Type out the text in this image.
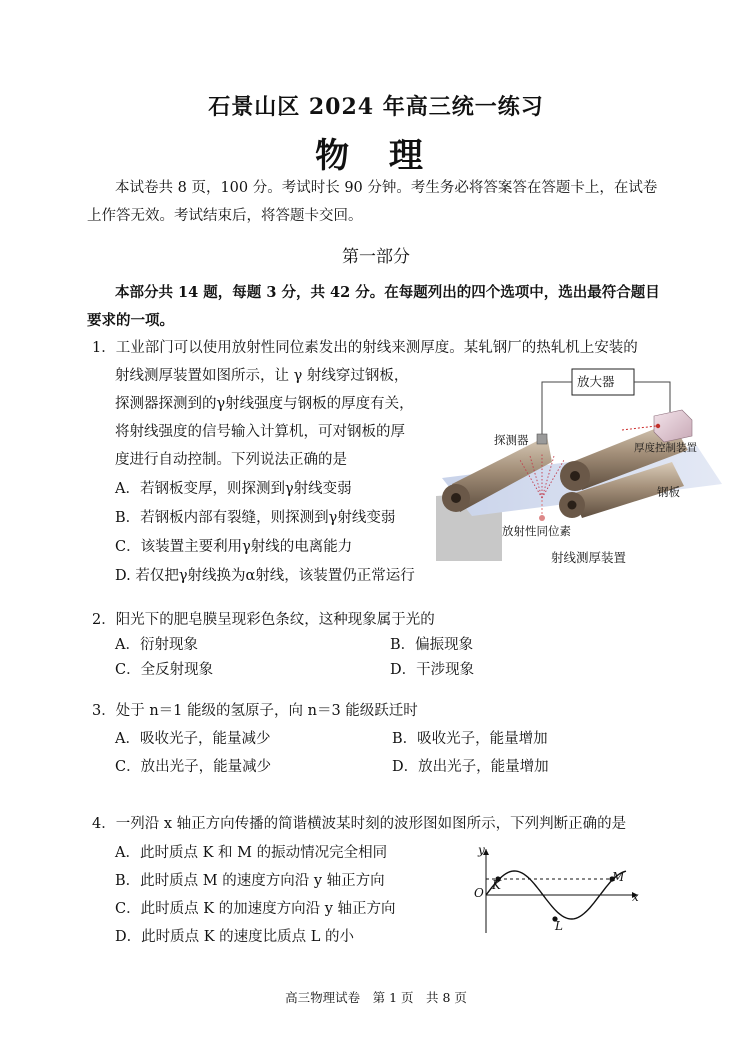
石景山区 2024 年高三统一练习
物 理
本试卷共 8 页，100 分。考试时长 90 分钟。考生务必将答案答在答题卡上，在试卷
上作答无效。考试结束后，将答题卡交回。
第一部分
本部分共 14 题，每题 3 分，共 42 分。在每题列出的四个选项中，选出最符合题目
要求的一项。
1．工业部门可以使用放射性同位素发出的射线来测厚度。某轧钢厂的热轧机上安装的
射线测厚装置如图所示，让 γ 射线穿过钢板，
探测器探测到的γ射线强度与钢板的厚度有关，
将射线强度的信号输入计算机，可对钢板的厚
度进行自动控制。下列说法正确的是
A．若钢板变厚，则探测到γ射线变弱
B．若钢板内部有裂缝，则探测到γ射线变弱
C．该装置主要利用γ射线的电离能力
D. 若仅把γ射线换为α射线，该装置仍正常运行
放大器
探测器
厚度控制装置
钢板
放射性同位素
射线测厚装置
2．阳光下的肥皂膜呈现彩色条纹，这种现象属于光的
A．衍射现象	B．偏振现象
C．全反射现象	D．干涉现象
3．处于 n＝1 能级的氢原子，向 n＝3 能级跃迁时
A．吸收光子，能量减少	B．吸收光子，能量增加
C．放出光子，能量减少	D．放出光子，能量增加
4．一列沿 x 轴正方向传播的简谐横波某时刻的波形图如图所示，下列判断正确的是
A．此时质点 K 和 M 的振动情况完全相同
B．此时质点 M 的速度方向沿 y 轴正方向
C．此时质点 K 的加速度方向沿 y 轴正方向
D．此时质点 K 的速度比质点 L 的小
y
x
O
K
L
M
高三物理试卷　第 1 页　共 8 页
